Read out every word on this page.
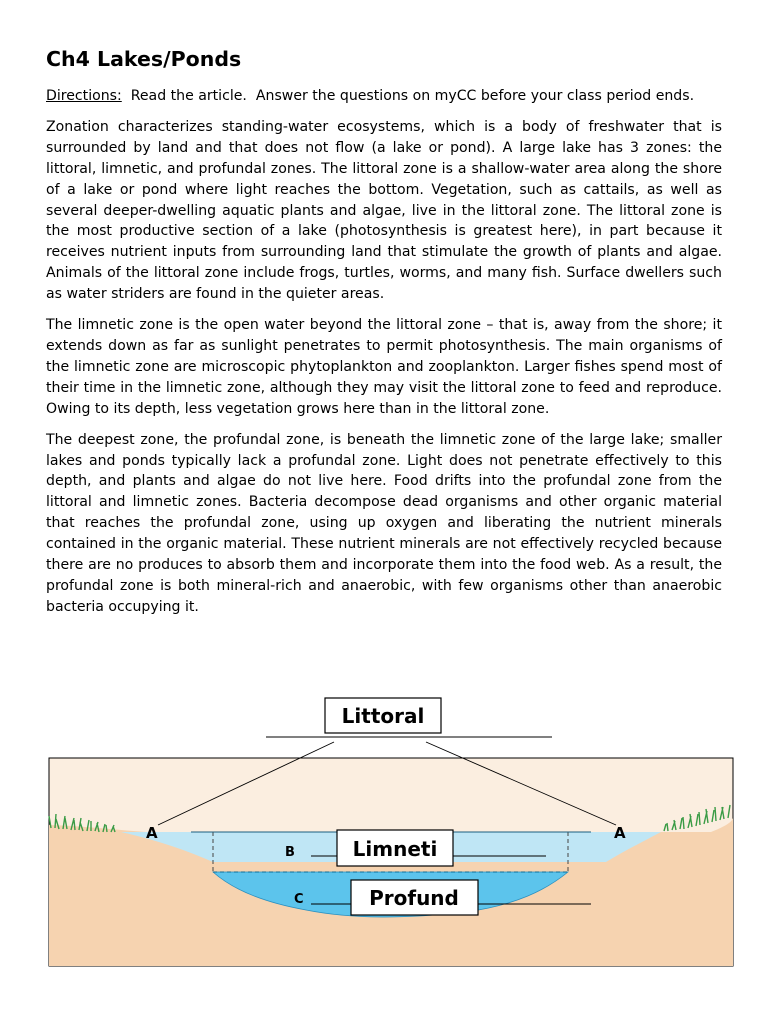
Ch4 Lakes/Ponds

Directions:  Read the article.  Answer the questions on myCC before your class period ends.

Zonation characterizes standing-water ecosystems, which is a body of freshwater that is surrounded by land and that does not flow (a lake or pond). A large lake has 3 zones: the littoral, limnetic, and profundal zones. The littoral zone is a shallow-water area along the shore of a lake or pond where light reaches the bottom. Vegetation, such as cattails, as well as several deeper-dwelling aquatic plants and algae, live in the littoral zone. The littoral zone is the most productive section of a lake (photosynthesis is greatest here), in part because it receives nutrient inputs from surrounding land that stimulate the growth of plants and algae. Animals of the littoral zone include frogs, turtles, worms, and many fish. Surface dwellers such as water striders are found in the quieter areas.

The limnetic zone is the open water beyond the littoral zone – that is, away from the shore; it extends down as far as sunlight penetrates to permit photosynthesis. The main organisms of the limnetic zone are microscopic phytoplankton and zooplankton. Larger fishes spend most of their time in the limnetic zone, although they may visit the littoral zone to feed and reproduce. Owing to its depth, less vegetation grows here than in the littoral zone.

The deepest zone, the profundal zone, is beneath the limnetic zone of the large lake; smaller lakes and ponds typically lack a profundal zone. Light does not penetrate effectively to this depth, and plants and algae do not live here. Food drifts into the profundal zone from the littoral and limnetic zones. Bacteria decompose dead organisms and other organic material that reaches the profundal zone, using up oxygen and liberating the nutrient minerals contained in the organic material. These nutrient minerals are not effectively recycled because there are no produces to absorb them and incorporate them into the food web. As a result, the profundal zone is both mineral-rich and anaerobic, with few organisms other than anaerobic bacteria occupying it.

Littoral
A	A
B
C
Limneti
Profund
